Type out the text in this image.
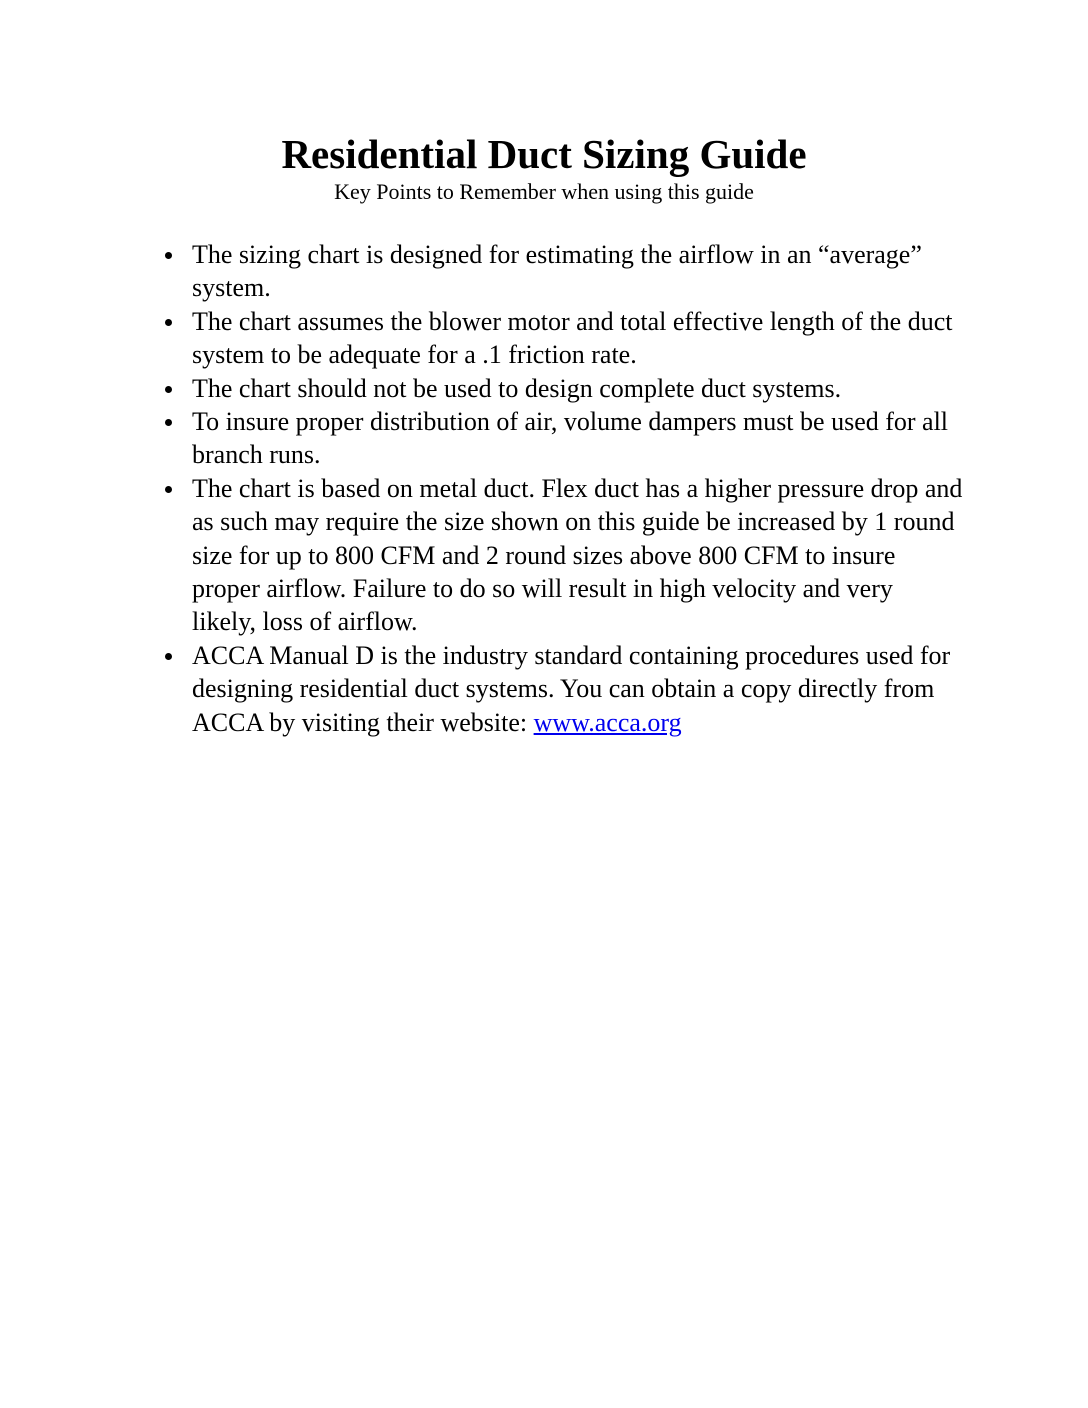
Residential Duct Sizing Guide
Key Points to Remember when using this guide
The sizing chart is designed for estimating the airflow in an “average” system.
The chart assumes the blower motor and total effective length of the duct system to be adequate for a .1 friction rate.
The chart should not be used to design complete duct systems.
To insure proper distribution of air, volume dampers must be used for all branch runs.
The chart is based on metal duct. Flex duct has a higher pressure drop and as such may require the size shown on this guide be increased by 1 round size for up to 800 CFM and 2 round sizes above 800 CFM to insure proper airflow. Failure to do so will result in high velocity and very likely, loss of airflow.
ACCA Manual D is the industry standard containing procedures used for designing residential duct systems. You can obtain a copy directly from ACCA by visiting their website: www.acca.org
